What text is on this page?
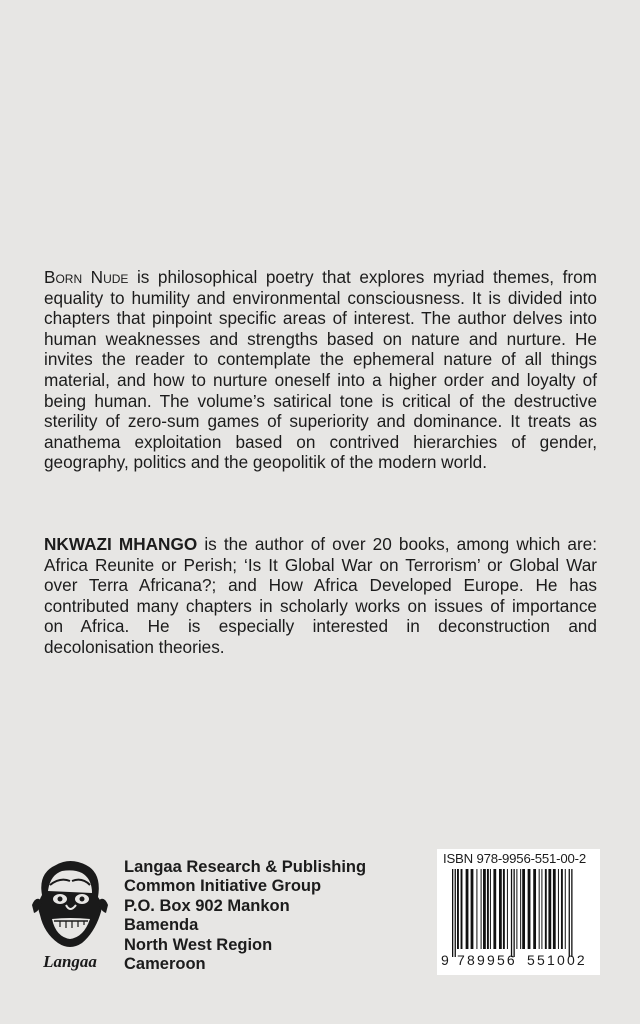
Born Nude is philosophical poetry that explores myriad themes, from equality to humility and environmental consciousness. It is divided into chapters that pinpoint specific areas of interest. The author delves into human weaknesses and strengths based on nature and nurture. He invites the reader to contemplate the ephemeral nature of all things material, and how to nurture oneself into a higher order and loyalty of being human. The volume’s satirical tone is critical of the destructive sterility of zero-sum games of superiority and dominance. It treats as anathema exploitation based on contrived hierarchies of gender, geography, politics and the geopolitik of the modern world.

NKWAZI MHANGO is the author of over 20 books, among which are: Africa Reunite or Perish; ‘Is It Global War on Terrorism’ or Global War over Terra Africana?; and How Africa Developed Europe. He has contributed many chapters in scholarly works on issues of importance on Africa. He is especially interested in deconstruction and decolonisation theories.

Langaa
Langaa Research & Publishing
Common Initiative Group
P.O. Box 902 Mankon
Bamenda
North West Region
Cameroon
ISBN 978-9956-551-00-2
9 789956 551002
